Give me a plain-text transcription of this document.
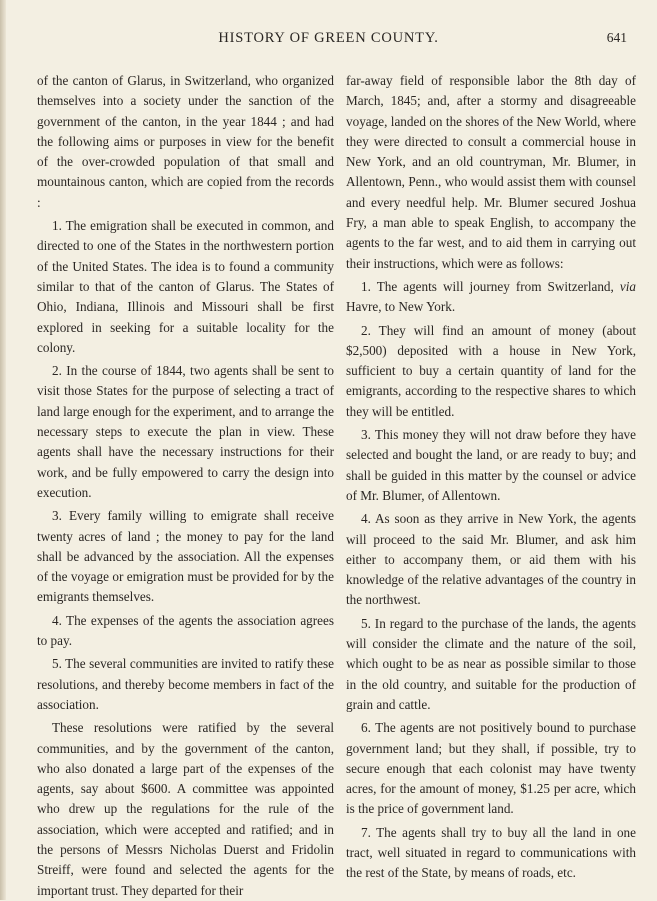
HISTORY OF GREEN COUNTY.	641

of the canton of Glarus, in Switzerland, who organized themselves into a society under the sanction of the government of the canton, in the year 1844 ; and had the following aims or purposes in view for the benefit of the over-crowded population of that small and mountainous canton, which are copied from the records :

1. The emigration shall be executed in common, and directed to one of the States in the northwestern portion of the United States. The idea is to found a community similar to that of the canton of Glarus. The States of Ohio, Indiana, Illinois and Missouri shall be first explored in seeking for a suitable locality for the colony.

2. In the course of 1844, two agents shall be sent to visit those States for the purpose of selecting a tract of land large enough for the experiment, and to arrange the necessary steps to execute the plan in view. These agents shall have the necessary instructions for their work, and be fully empowered to carry the design into execution.

3. Every family willing to emigrate shall receive twenty acres of land ; the money to pay for the land shall be advanced by the association. All the expenses of the voyage or emigration must be provided for by the emigrants themselves.

4. The expenses of the agents the association agrees to pay.

5. The several communities are invited to ratify these resolutions, and thereby become members in fact of the association.

These resolutions were ratified by the several communities, and by the government of the canton, who also donated a large part of the expenses of the agents, say about $600. A committee was appointed who drew up the regulations for the rule of the association, which were accepted and ratified; and in the persons of Messrs Nicholas Duerst and Fridolin Streiff, were found and selected the agents for the important trust. They departed for their

far-away field of responsible labor the 8th day of March, 1845; and, after a stormy and disagreeable voyage, landed on the shores of the New World, where they were directed to consult a commercial house in New York, and an old countryman, Mr. Blumer, in Allentown, Penn., who would assist them with counsel and every needful help. Mr. Blumer secured Joshua Fry, a man able to speak English, to accompany the agents to the far west, and to aid them in carrying out their instructions, which were as follows:

1. The agents will journey from Switzerland, via Havre, to New York.

2. They will find an amount of money (about $2,500) deposited with a house in New York, sufficient to buy a certain quantity of land for the emigrants, according to the respective shares to which they will be entitled.

3. This money they will not draw before they have selected and bought the land, or are ready to buy; and shall be guided in this matter by the counsel or advice of Mr. Blumer, of Allentown.

4. As soon as they arrive in New York, the agents will proceed to the said Mr. Blumer, and ask him either to accompany them, or aid them with his knowledge of the relative advantages of the country in the northwest.

5. In regard to the purchase of the lands, the agents will consider the climate and the nature of the soil, which ought to be as near as possible similar to those in the old country, and suitable for the production of grain and cattle.

6. The agents are not positively bound to purchase government land; but they shall, if possible, try to secure enough that each colonist may have twenty acres, for the amount of money, $1.25 per acre, which is the price of government land.

7. The agents shall try to buy all the land in one tract, well situated in regard to communications with the rest of the State, by means of roads, etc.
